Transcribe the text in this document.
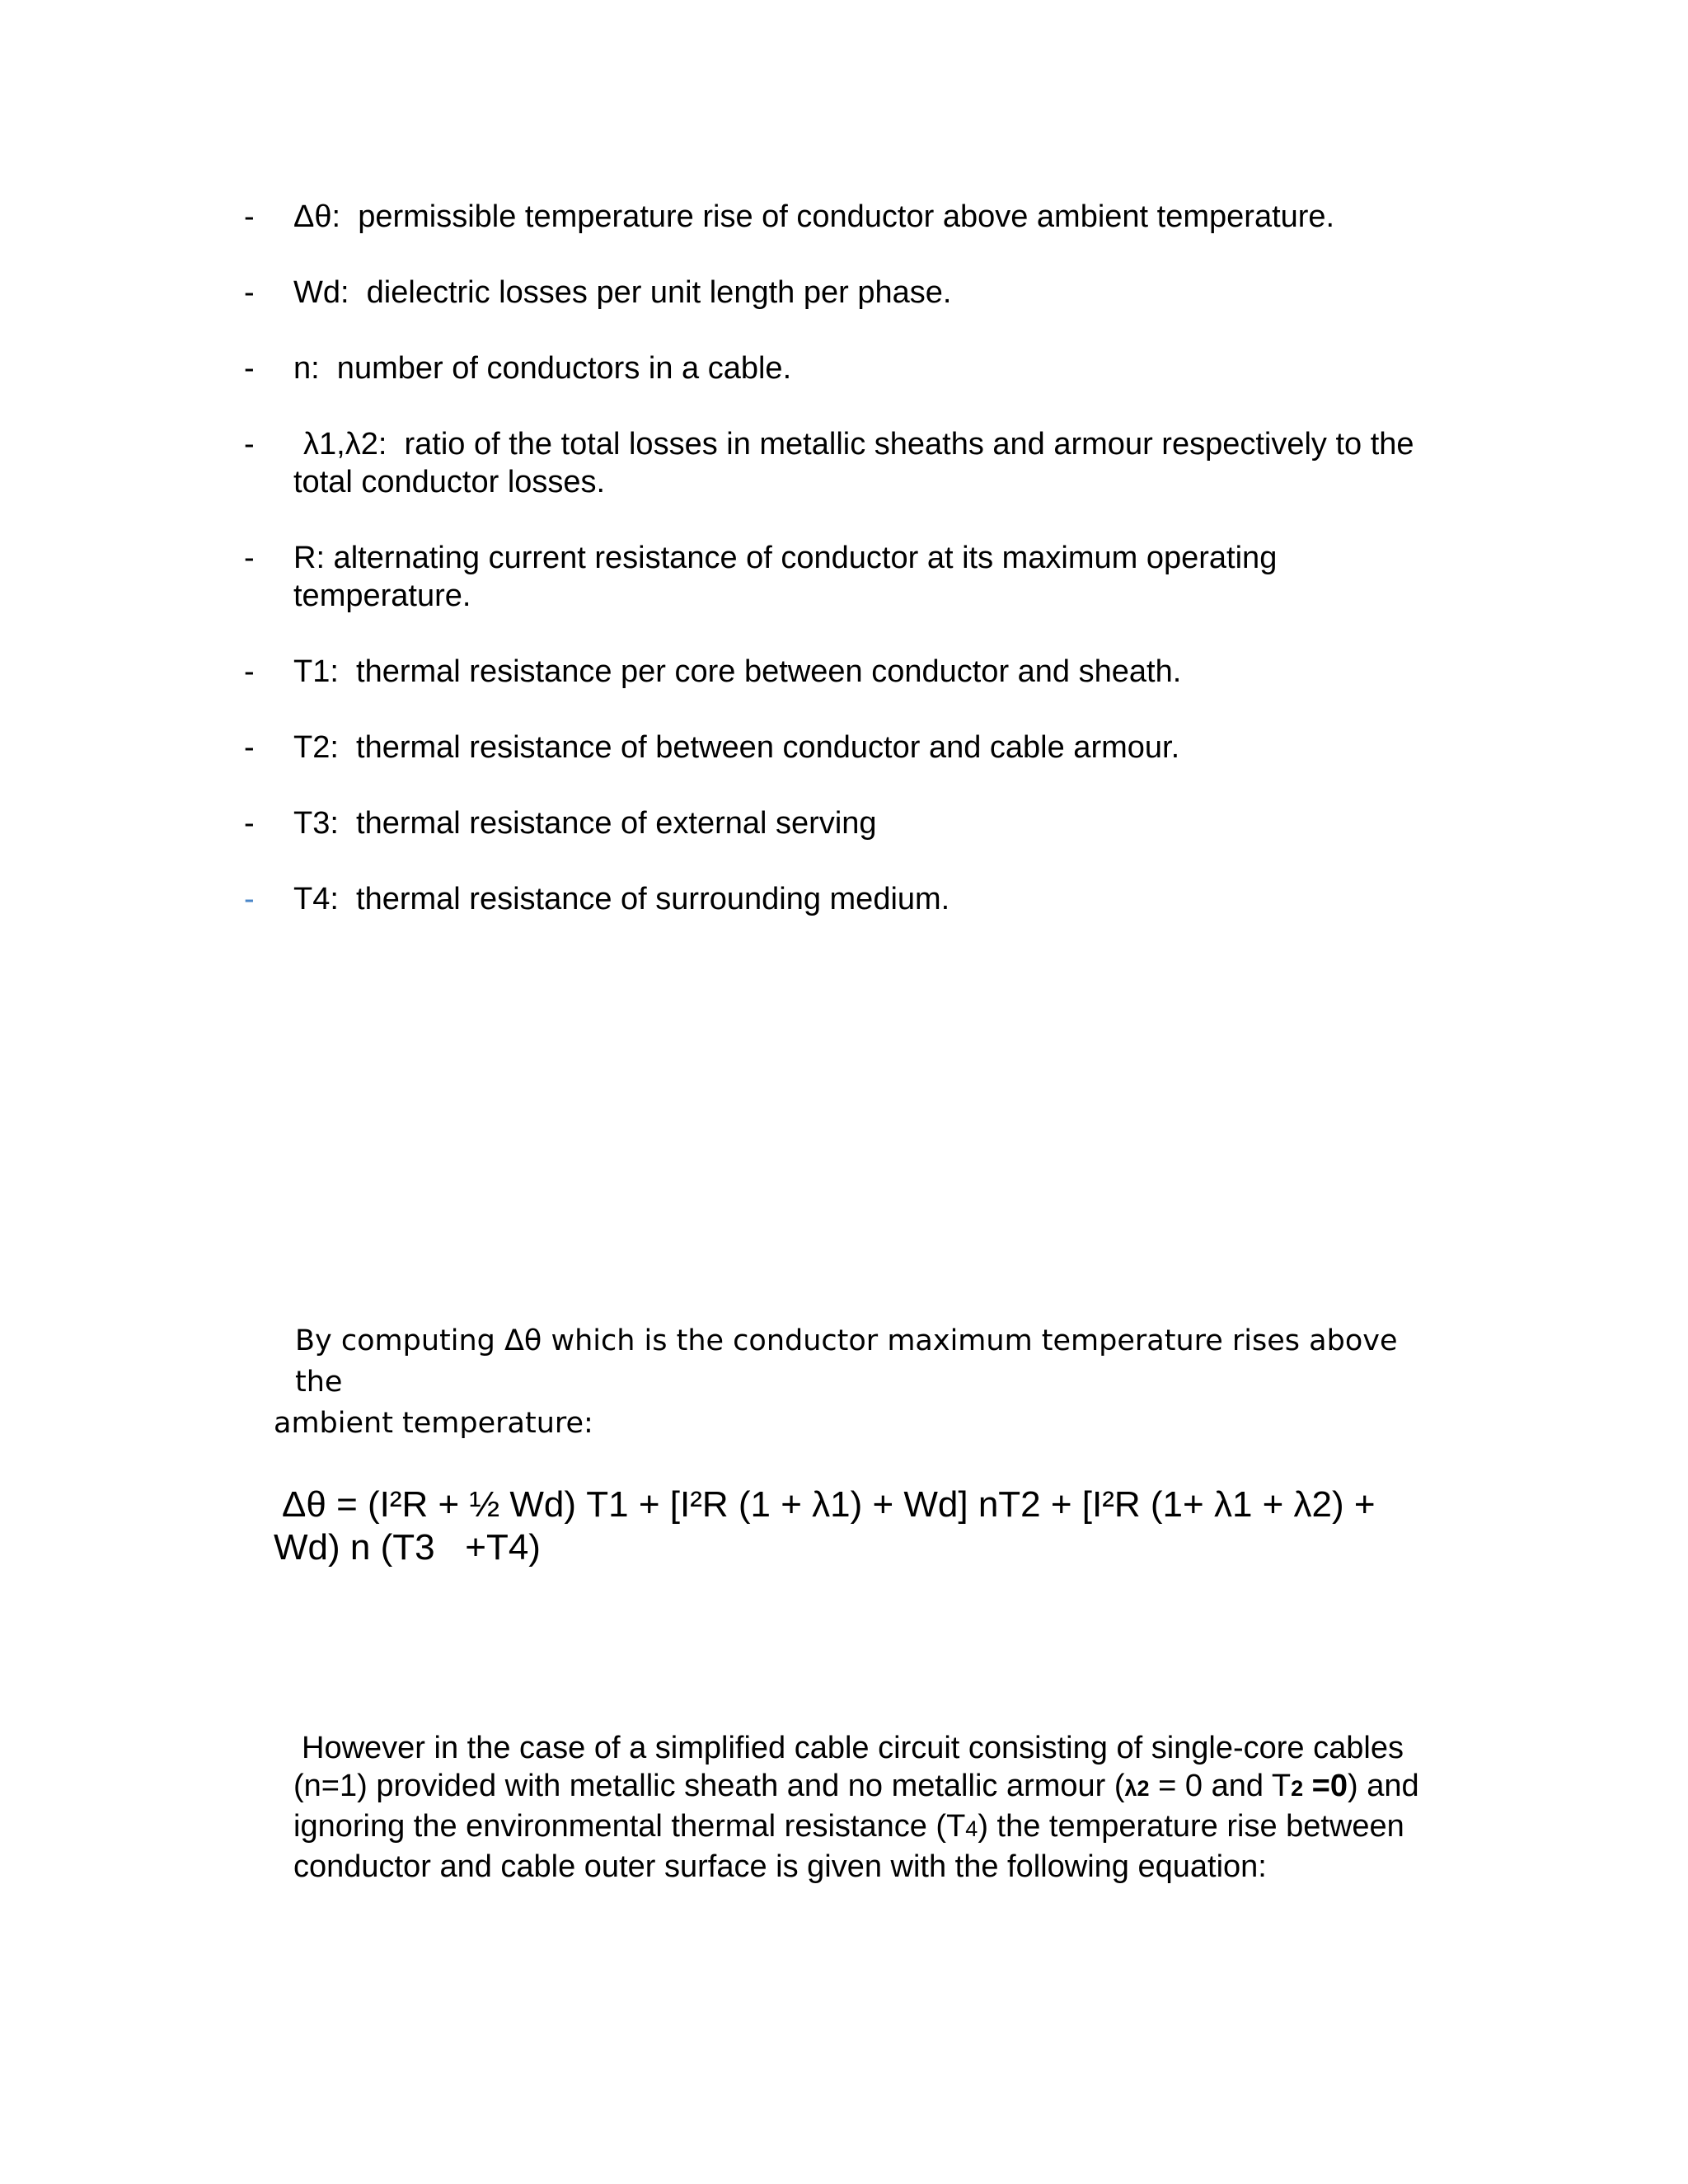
- Δθ:  permissible temperature rise of conductor above ambient temperature.
- Wd:  dielectric losses per unit length per phase.
- n:  number of conductors in a cable.
- λ1,λ2:  ratio of the total losses in metallic sheaths and armour respectively to the
total conductor losses.
- R: alternating current resistance of conductor at its maximum operating
temperature.
- T1:  thermal resistance per core between conductor and sheath.
- T2:  thermal resistance of between conductor and cable armour.
- T3:  thermal resistance of external serving
- T4:  thermal resistance of surrounding medium.
By computing Δθ which is the conductor maximum temperature rises above the
ambient temperature:
Δθ = (I²R + ½ Wd) T1 + [I²R (1 + λ1) + Wd] nT2 + [I²R (1+ λ1 + λ2) +
Wd) n (T3   +T4)
However in the case of a simplified cable circuit consisting of single-core cables
(n=1) provided with metallic sheath and no metallic armour (λ2 = 0 and T2 =0) and
ignoring the environmental thermal resistance (T4) the temperature rise between
conductor and cable outer surface is given with the following equation:
